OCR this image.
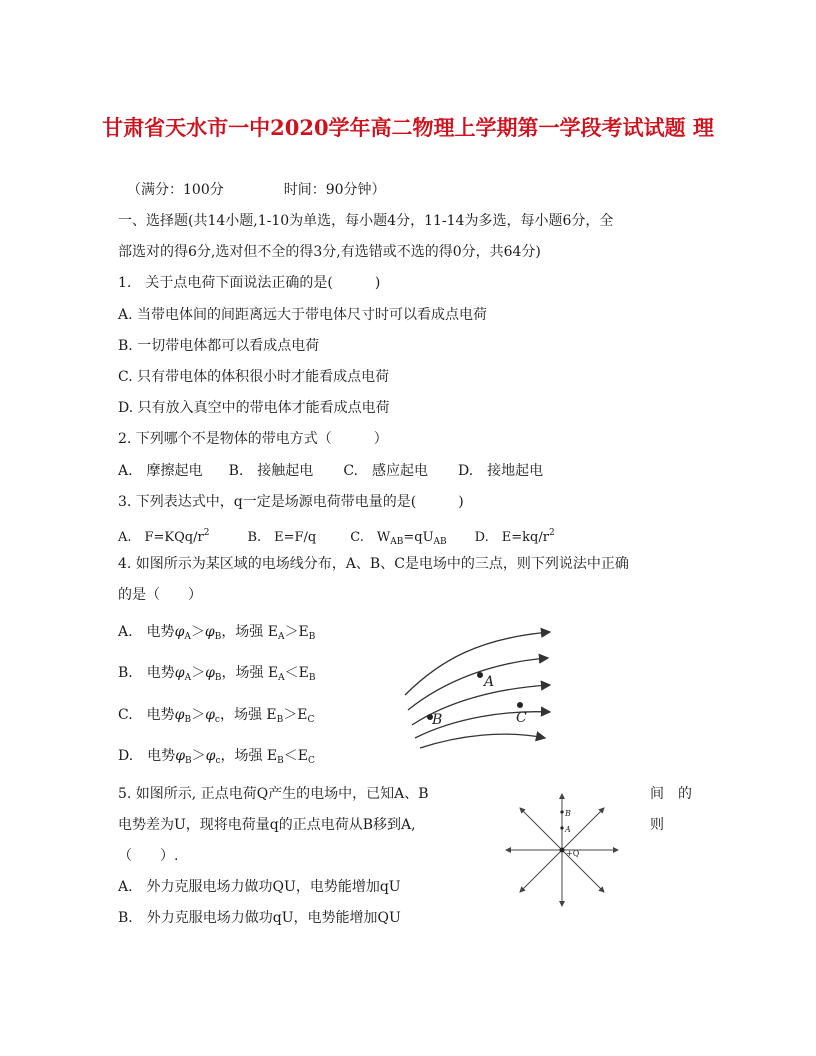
甘肃省天水市一中2020学年高二物理上学期第一学段考试试题 理
（满分：100分	时间：90分钟）
一、选择题(共14小题,1-10为单选，每小题4分，11-14为多选，每小题6分，全
部选对的得6分,选对但不全的得3分,有选错或不选的得0分，共64分)
1.　关于点电荷下面说法正确的是(　　　)
A. 当带电体间的间距离远大于带电体尺寸时可以看成点电荷
B. 一切带电体都可以看成点电荷
C. 只有带电体的体积很小时才能看成点电荷
D. 只有放入真空中的带电体才能看成点电荷
2. 下列哪个不是物体的带电方式（　　　）
A.　摩擦起电 B.　接触起电 C.　感应起电 D.　接地起电
3. 下列表达式中，q一定是场源电荷带电量的是(　　　)
A.　$F=KQq/r^2$	B.　E=F/q	C.　$W_{AB}=qU_{AB}$ D.　$E=kq/r^2$
4. 如图所示为某区域的电场线分布，A、B、C是电场中的三点，则下列说法中正确
的是（　　）
A.　电势$\varphi_A>\varphi_B$，场强 $E_A>E_B$
B.　电势$\varphi_A>\varphi_B$，场强 $E_A<E_B$
C.　电势$\varphi_B>\varphi_c$，场强 $E_B>E_C$
D.　电势$\varphi_B>\varphi_c$，场强 $E_B<E_C$
A
B	C
5. 如图所示, 正点电荷Q产生的电场中，已知A、B	间　的
电势差为U，现将电荷量q的正点电荷从B移到A,	则
（　　）.
A.　外力克服电场力做功QU，电势能增加qU
B.　外力克服电场力做功qU，电势能增加QU
B
A
+Q
